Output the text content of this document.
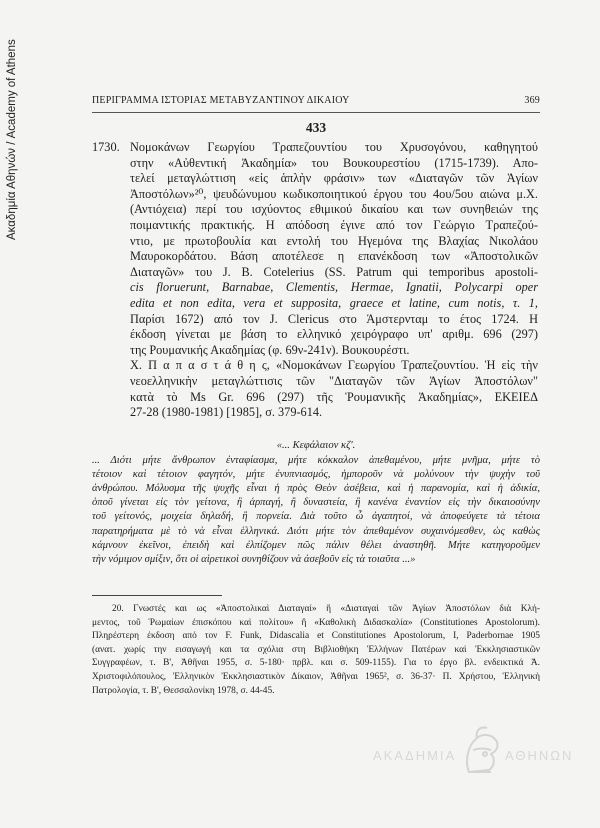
Ακαδημία Αθηνών / Academy of Athens	ΠΕΡΙΓΡΑΜΜΑ ΙΣΤΟΡΙΑΣ ΜΕΤΑΒΥΖΑΝΤΙΝΟΥ ΔΙΚΑΙΟΥ	369
433
1730. Νομοκάνων Γεωργίου Τραπεζουντίου του Χρυσογόνου, καθηγητού
στην «Αὐθεντική Ἀκαδημία» του Βουκουρεστίου (1715-1739). Απο-
τελεί μεταγλώττιση «εἰς ἁπλὴν φράσιν» των «Διαταγῶν τῶν Ἁγίων
Ἀποστόλων»²⁰, ψευδώνυμου κωδικοποιητικού έργου του 4ου/5ου αιώνα μ.Χ.
(Αντιόχεια) περί του ισχύοντος εθιμικού δικαίου και των συνηθειών της
ποιμαντικής πρακτικής. Η απόδοση έγινε από τον Γεώργιο Τραπεζού-
ντιο, με πρωτοβουλία και εντολή του Ηγεμόνα της Βλαχίας Νικολάου
Μαυροκορδάτου. Βάση αποτέλεσε η επανέκδοση των «Ἀποστολικῶν
Διαταγῶν» του J. B. Cotelerius (SS. Patrum qui temporibus apostoli-
cis floruerunt, Barnabae, Clementis, Hermae, Ignatii, Polycarpi oper
edita et non edita, vera et supposita, graece et latine, cum notis, τ. 1,
Παρίσι 1672) από τον J. Clericus στο Άμστερνταμ το έτος 1724. Η
έκδοση γίνεται με βάση το ελληνικό χειρόγραφο υπ' αριθμ. 696 (297)
της Ρουμανικής Ακαδημίας (φ. 69ν-241ν). Βουκουρέστι.
Χ. Π α π α σ τ ά θ η ς, «Νομοκάνων Γεωργίου Τραπεζουντίου. Ἡ εἰς τὴν
νεοελληνικὴν μεταγλώττισις τῶν "Διαταγῶν τῶν Ἁγίων Ἀποστόλων"
κατὰ τὸ Ms Gr. 696 (297) τῆς Ῥουμανικῆς Ἀκαδημίας», ΕΚΕΙΕΔ
27-28 (1980-1981) [1985], σ. 379-614.
«... Κεφάλαιον κζ'.
... Διότι μήτε ἄνθρωπον ἐνταφίασμα, μήτε κόκκαλον ἀπεθαμένου, μήτε μνῆμα, μήτε τὸ
τέτοιον καὶ τέτοιον φαγητόν, μήτε ἐνυπνιασμός, ἡμποροῦν νὰ μολύνουν τὴν ψυχὴν τοῦ
ἀνθρώπου. Μόλυσμα τῆς ψυχῆς εἶναι ἡ πρὸς Θεὸν ἀσέβεια, καὶ ἡ παρανομία, καὶ ἡ ἀδικία,
ὁποῦ γίνεται εἰς τὸν γείτονα, ἢ ἁρπαγή, ἢ δυναστεία, ἢ κανένα ἐναντίον εἰς τὴν δικαιοσύνην
τοῦ γείτονός, μοιχεία δηλαδή, ἢ πορνεία. Διὰ τοῦτο ὦ ἀγαπητοί, νὰ ἀποφεύγετε τὰ τέτοια
παρατηρήματα μὲ τὸ νὰ εἶναι ἑλληνικά. Διότι μήτε τὸν ἀπεθαμένον συχαινόμεσθεν, ὡς καθὼς
κάμνουν ἐκεῖνοι, ἐπειδὴ καὶ ἐλπίζομεν πῶς πάλιν θέλει ἀναστηθῆ. Μήτε κατηγοροῦμεν
τὴν νόμιμον σμίξιν, ὅτι οἱ αἱρετικοὶ συνηθίζουν νὰ ἀσεβοῦν εἰς τὰ τοιαῦτα ...»
20. Γνωστές και ως «Ἀποστολικαὶ Διαταγαί» ἢ «Διαταγαὶ τῶν Ἁγίων Ἀποστόλων διὰ Κλή-
μεντος, τοῦ Ῥωμαίων ἐπισκόπου καὶ πολίτου» ἢ «Καθολικὴ Διδασκαλία» (Constitutiones Apostolorum).
Πληρέστερη έκδοση από τον F. Funk, Didascalia et Constitutiones Apostolorum, I, Paderbornae 1905
(ανατ. χωρίς την εισαγωγή και τα σχόλια στη Βιβλιοθήκη Ἑλλήνων Πατέρων καὶ Ἐκκλησιαστικῶν
Συγγραφέων, τ. Β', Ἀθῆναι 1955, σ. 5-180· πρβλ. και σ. 509-1155). Για το έργο βλ. ενδεικτικά Ἀ.
Χριστοφιλόπουλος, Ἑλληνικὸν Ἐκκλησιαστικὸν Δίκαιον, Ἀθῆναι 1965², σ. 36-37· Π. Χρήστου, Ἑλληνικὴ
Πατρολογία, τ. Β', Θεσσαλονίκη 1978, σ. 44-45.
ΑΚΑΔΗΜΙΑ	ΑΘΗΝΩΝ
